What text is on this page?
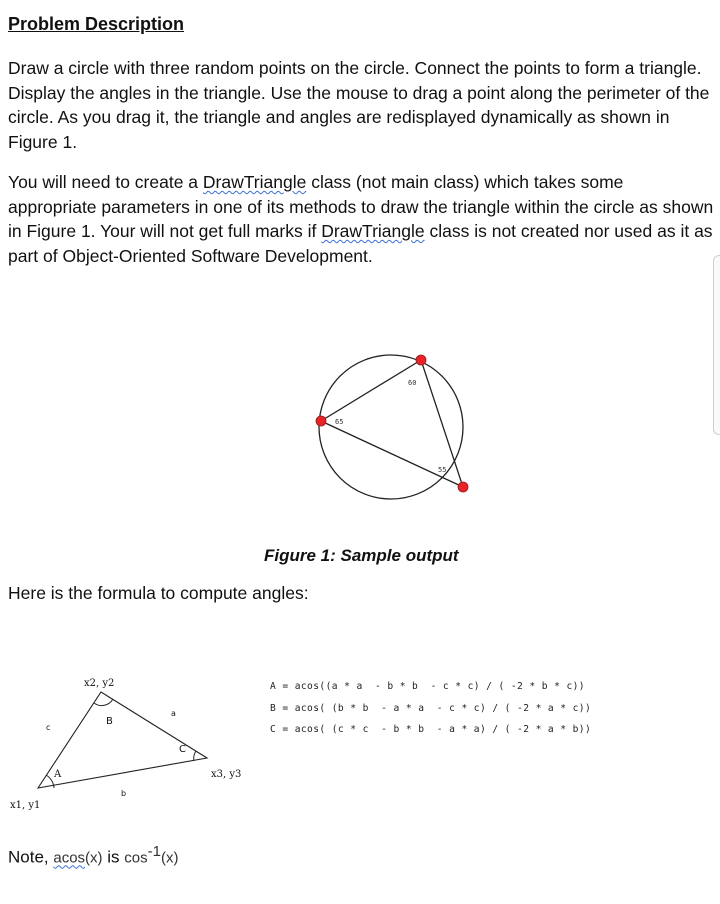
Problem Description

Draw a circle with three random points on the circle. Connect the points to form a triangle. Display the angles in the triangle. Use the mouse to drag a point along the perimeter of the circle. As you drag it, the triangle and angles are redisplayed dynamically as shown in Figure 1.

You will need to create a DrawTriangle class (not main class) which takes some appropriate parameters in one of its methods to draw the triangle within the circle as shown in Figure 1. Your will not get full marks if DrawTriangle class is not created nor used as it as part of Object-Oriented Software Development.

60
65
55
x2, y2
x1, y1
x3, y3
A
B
C
a
b
c
Figure 1: Sample output
Here is the formula to compute angles:
A = acos((a * a  - b * b  - c * c) / ( -2 * b * c))
B = acos( (b * b  - a * a  - c * c) / ( -2 * a * c))
C = acos( (c * c  - b * b  - a * a) / ( -2 * a * b))
Note, acos(x) is $\cos^{-1}(x)$
